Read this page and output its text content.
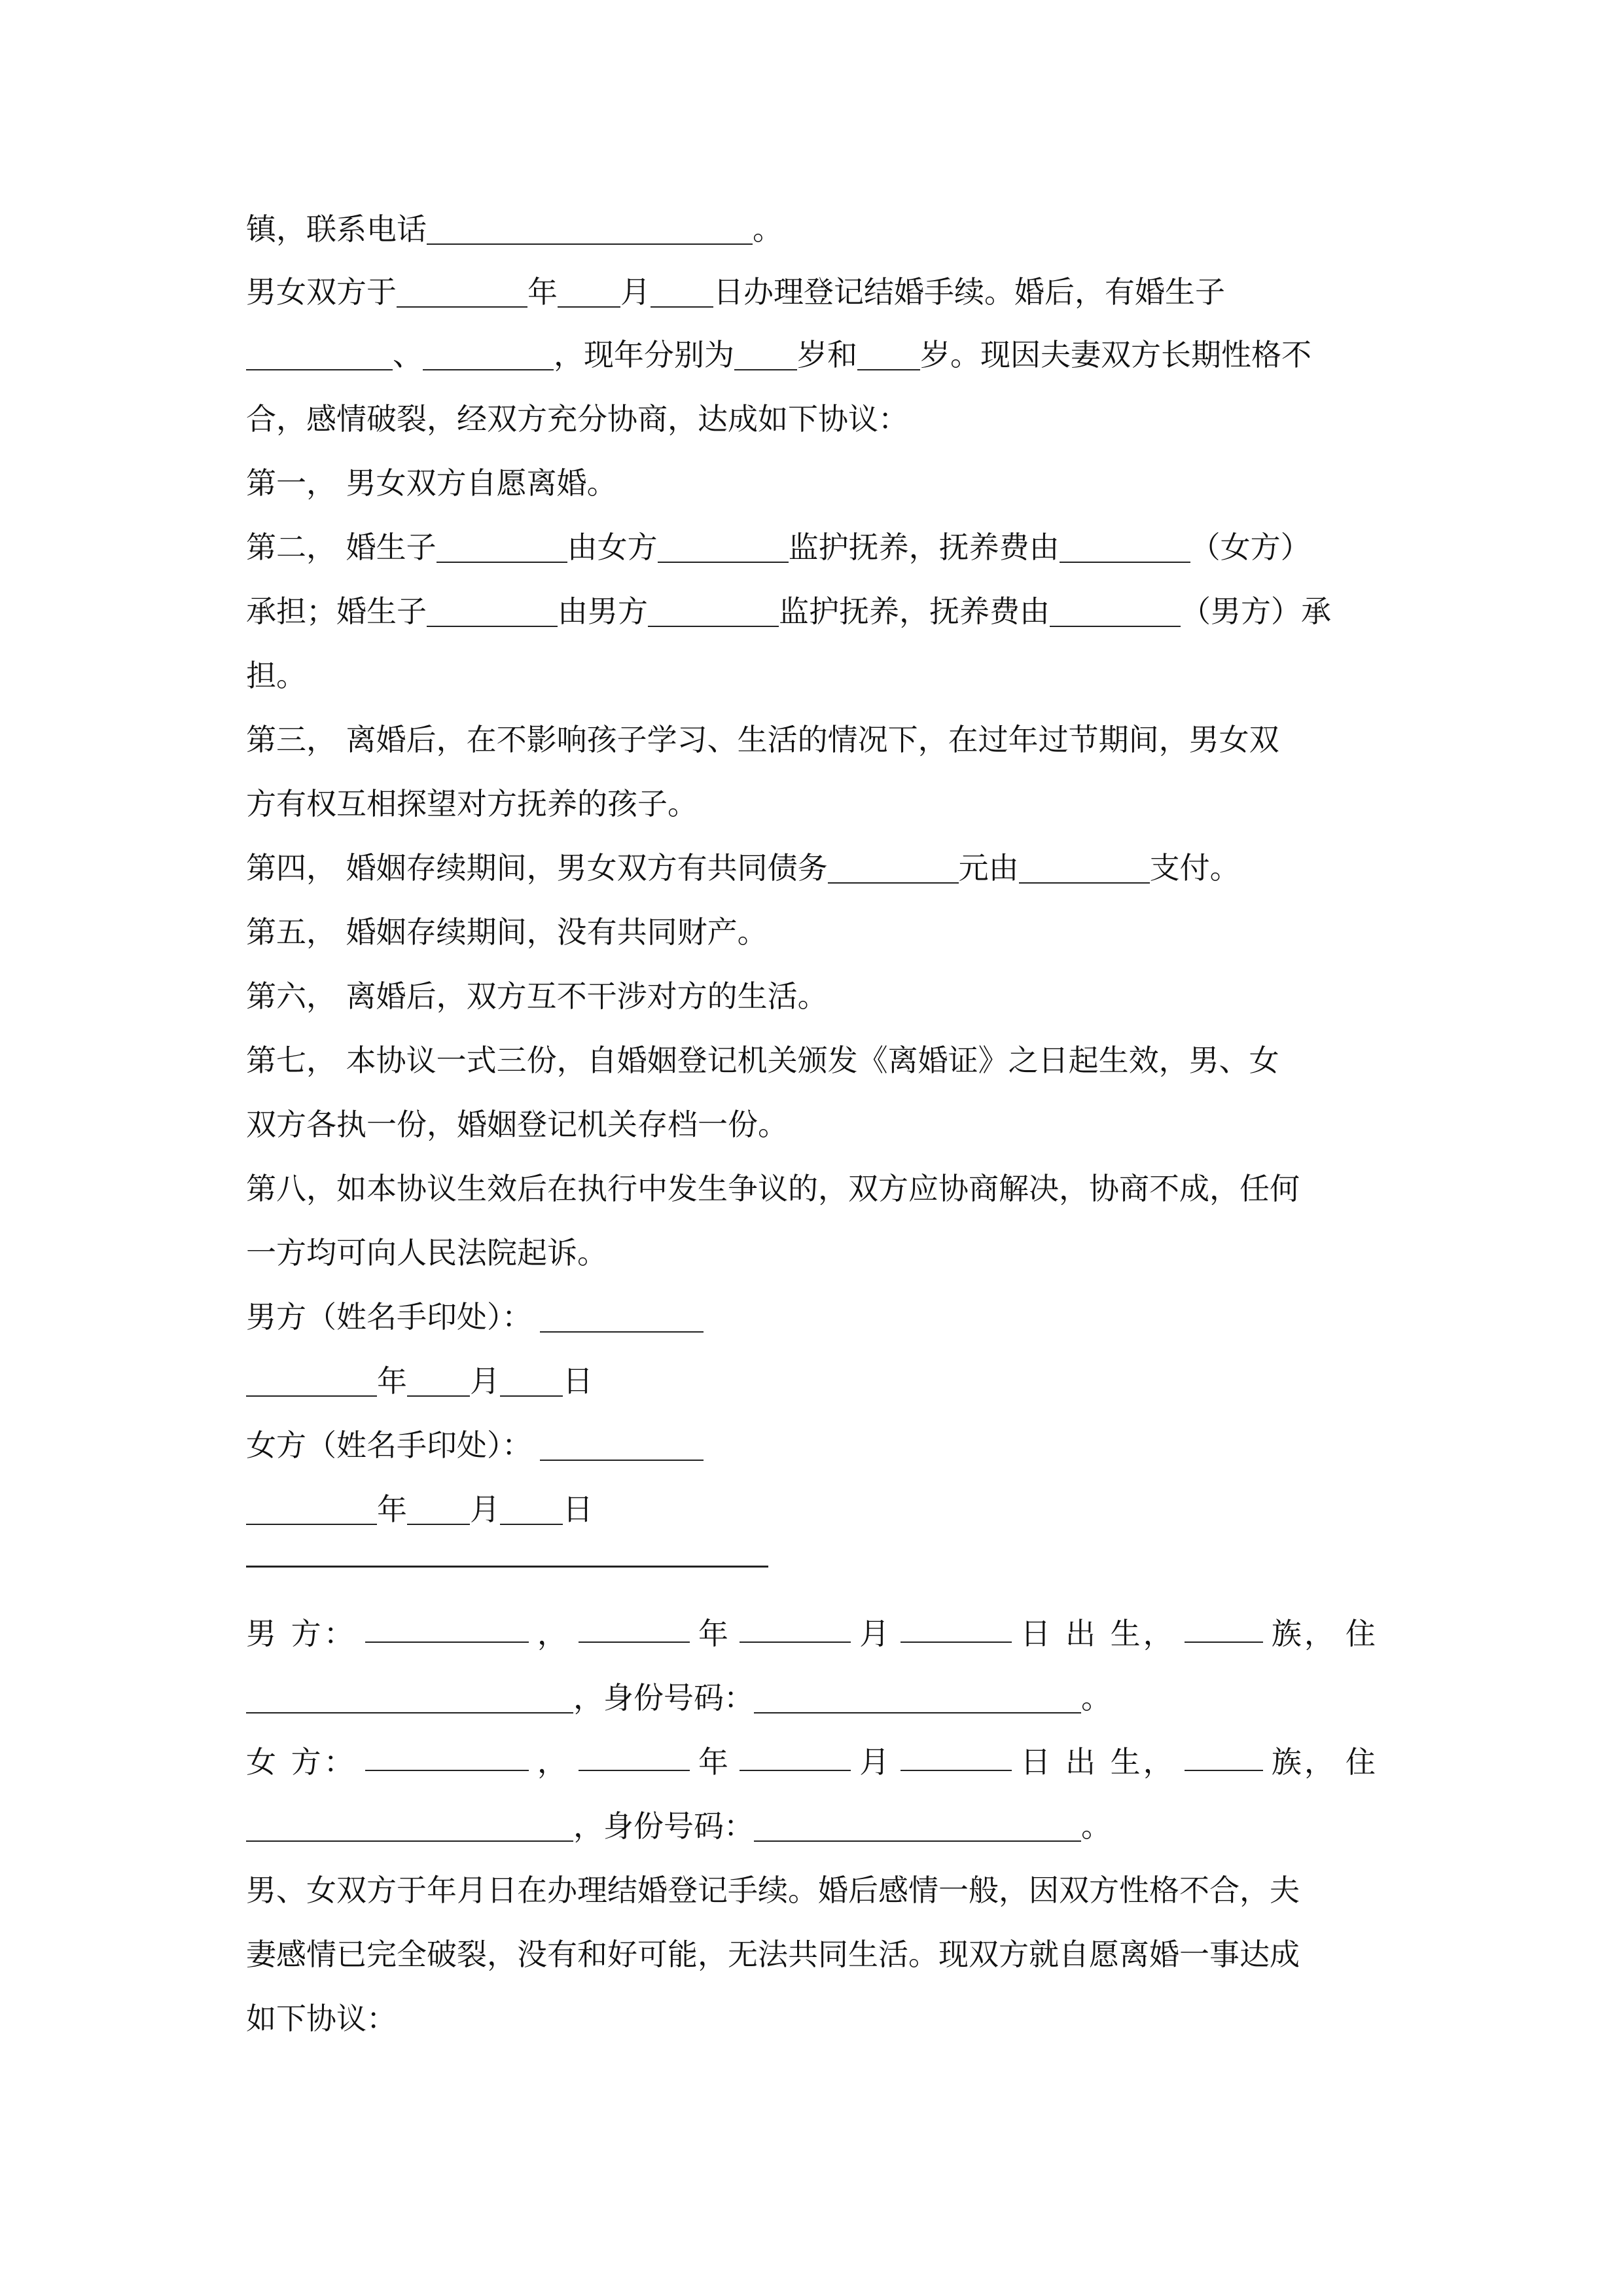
镇，联系电话	。
男女双方于	年 月 日办理登记结婚手续。婚后，有婚生子
、	，现年分别为 岁和 岁。现因夫妻双方长期性格不
合，感情破裂，经双方充分协商，达成如下协议：
第一， 男女双方自愿离婚。
第二， 婚生子	由女方	监护抚养，抚养费由	（女方）
承担；婚生子	由男方	监护抚养，抚养费由	（男方）承
担。
第三， 离婚后，在不影响孩子学习、生活的情况下，在过年过节期间，男女双
方有权互相探望对方抚养的孩子。
第四， 婚姻存续期间，男女双方有共同债务	元由	支付。
第五， 婚姻存续期间，没有共同财产。
第六， 离婚后，双方互不干涉对方的生活。
第七， 本协议一式三份，自婚姻登记机关颁发《离婚证》之日起生效，男、女
双方各执一份，婚姻登记机关存档一份。
第八，如本协议生效后在执行中发生争议的，双方应协商解决，协商不成，任何
一方均可向人民法院起诉。
男方（姓名手印处）：
年 月 日
女方（姓名手印处）：
年 月 日
男 方：	，	年	月	日 出 生，	族， 住
，身份号码：	。
女 方：	，	年	月	日 出 生，	族， 住
，身份号码：	。
男、女双方于年月日在办理结婚登记手续。婚后感情一般，因双方性格不合，夫
妻感情已完全破裂，没有和好可能，无法共同生活。现双方就自愿离婚一事达成
如下协议：
